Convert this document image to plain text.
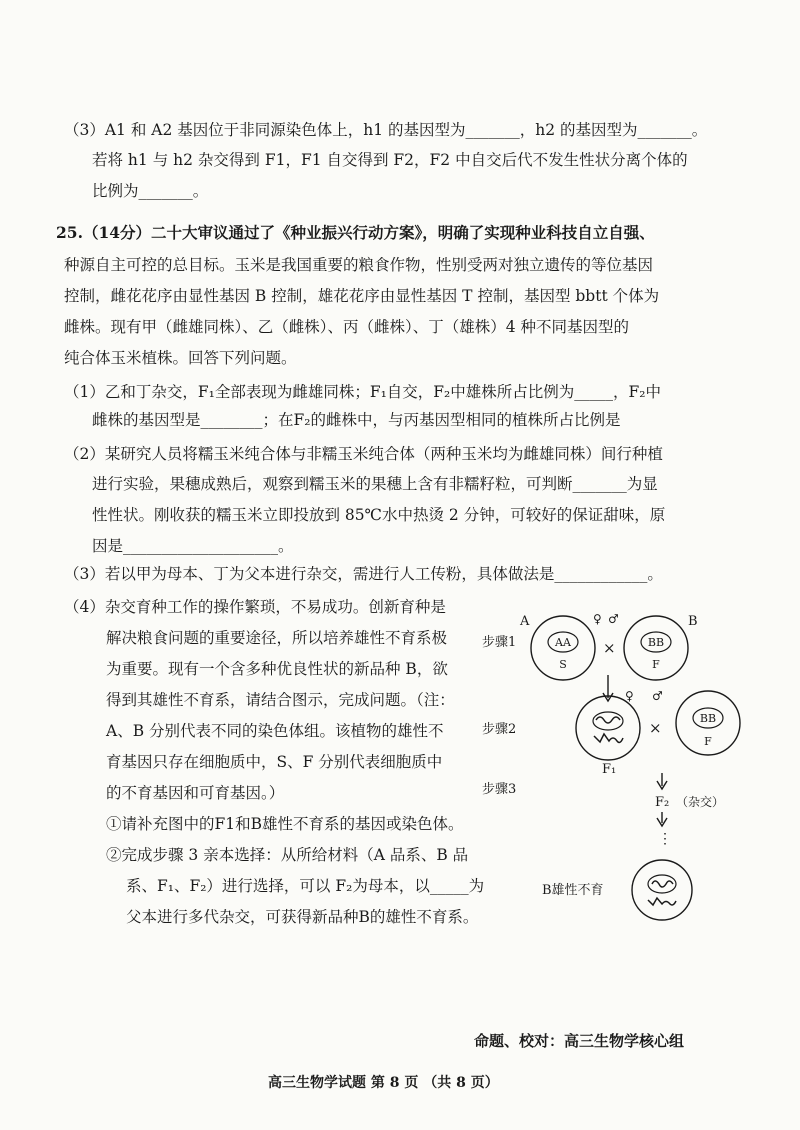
（3）A1 和 A2 基因位于非同源染色体上，h1 的基因型为_______，h2 的基因型为_______。
若将 h1 与 h2 杂交得到 F1，F1 自交得到 F2，F2 中自交后代不发生性状分离个体的
比例为_______。
25.（14分）二十大审议通过了《种业振兴行动方案》，明确了实现种业科技自立自强、
种源自主可控的总目标。玉米是我国重要的粮食作物，性别受两对独立遗传的等位基因
控制，雌花花序由显性基因 B 控制，雄花花序由显性基因 T 控制，基因型 bbtt 个体为
雌株。现有甲（雌雄同株）、乙（雌株）、丙（雌株）、丁（雄株）4 种不同基因型的
纯合体玉米植株。回答下列问题。
（1）乙和丁杂交，F₁全部表现为雌雄同株；F₁自交，F₂中雄株所占比例为_____，F₂中
雌株的基因型是________；在F₂的雌株中，与丙基因型相同的植株所占比例是
（2）某研究人员将糯玉米纯合体与非糯玉米纯合体（两种玉米均为雌雄同株）间行种植
进行实验，果穗成熟后，观察到糯玉米的果穗上含有非糯籽粒，可判断_______为显
性性状。刚收获的糯玉米立即投放到 85℃水中热烫 2 分钟，可较好的保证甜味，原
因是____________________。
（3）若以甲为母本、丁为父本进行杂交，需进行人工传粉，具体做法是____________。
（4）杂交育种工作的操作繁琐，不易成功。创新育种是
解决粮食问题的重要途径，所以培养雄性不育系极
为重要。现有一个含多种优良性状的新品种 B，欲
得到其雄性不育系，请结合图示，完成问题。（注：
A、B 分别代表不同的染色体组。该植物的雄性不
育基因只存在细胞质中，S、F 分别代表细胞质中
的不育基因和可育基因。）
①请补充图中的F1和B雄性不育系的基因或染色体。
②完成步骤 3 亲本选择：从所给材料（A 品系、B 品
系、F₁、F₂）进行选择，可以 F₂为母本，以_____为
父本进行多代杂交，可获得新品种B的雄性不育系。
A	♀ ♂	B
步骤1	AA
S
×	BB
F
♀ ♂
步骤2	×
BB
F
F₁
步骤3
F₂ （杂交）
⋮
B雄性不育
命题、校对：高三生物学核心组
高三生物学试题 第 8 页 （共 8 页）
